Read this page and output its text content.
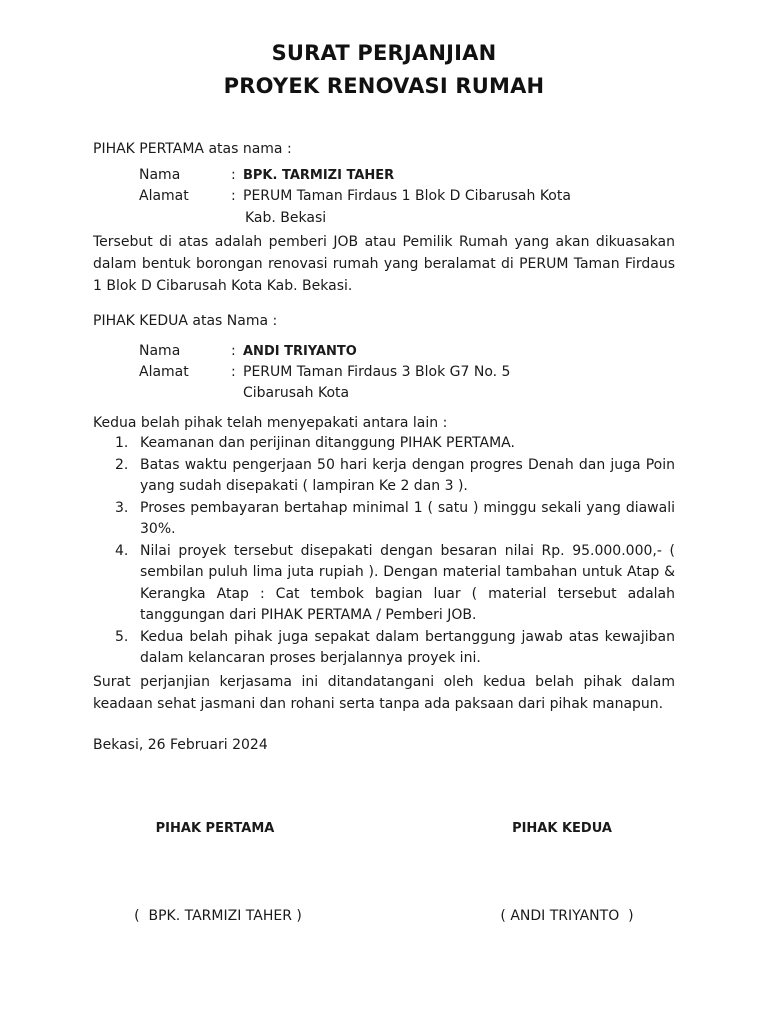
SURAT PERJANJIAN
PROYEK RENOVASI RUMAH
PIHAK PERTAMA atas nama :
Nama	: BPK. TARMIZI TAHER
Alamat	: PERUM Taman Firdaus 1 Blok D Cibarusah Kota
Kab. Bekasi
Tersebut di atas adalah pemberi JOB atau Pemilik Rumah yang akan dikuasakan dalam bentuk borongan renovasi rumah yang beralamat di PERUM Taman Firdaus 1 Blok D Cibarusah Kota Kab. Bekasi.
PIHAK KEDUA atas Nama :
Nama	: ANDI TRIYANTO
Alamat	: PERUM Taman Firdaus 3 Blok G7 No. 5
Cibarusah Kota
Kedua belah pihak telah menyepakati antara lain :
1. Keamanan dan perijinan ditanggung PIHAK PERTAMA.
2. Batas waktu pengerjaan 50 hari kerja dengan progres Denah dan juga Poin yang sudah disepakati ( lampiran Ke 2 dan 3 ).
3. Proses pembayaran bertahap minimal 1 ( satu ) minggu sekali yang diawali 30%.
4. Nilai proyek tersebut disepakati dengan besaran nilai Rp. 95.000.000,- ( sembilan puluh lima juta rupiah ). Dengan material tambahan untuk Atap & Kerangka Atap : Cat tembok bagian luar ( material tersebut adalah tanggungan dari PIHAK PERTAMA / Pemberi JOB.
5. Kedua belah pihak juga sepakat dalam bertanggung jawab atas kewajiban dalam kelancaran proses berjalannya proyek ini.
Surat perjanjian kerjasama ini ditandatangani oleh kedua belah pihak dalam keadaan sehat jasmani dan rohani serta tanpa ada paksaan dari pihak manapun.
Bekasi, 26 Februari 2024
PIHAK PERTAMA	PIHAK KEDUA
(  BPK. TARMIZI TAHER )	( ANDI TRIYANTO  )
